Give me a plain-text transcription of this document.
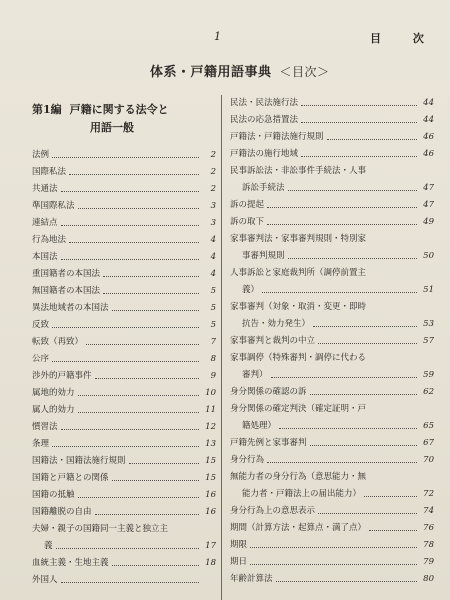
1	目 次
体系・戸籍用語事典 ＜目次＞
第1編 戸籍に関する法令と
用語一般
法例	2
国際私法	2
共通法	2
準国際私法	3
連結点	3
行為地法	4
本国法	4
重国籍者の本国法	4
無国籍者の本国法	5
異法地域者の本国法	5
反致	5
転致（再致）	7
公序	8
渉外的戸籍事件	9
属地的効力	10
属人的効力	11
慣習法	12
条理	13
国籍法・国籍法施行規則	15
国籍と戸籍との関係	15
国籍の抵触	16
国籍離脱の自由	16
夫婦・親子の国籍同一主義と独立主
義	17
血統主義・生地主義	18
外国人
民法・民法施行法	44
民法の応急措置法	44
戸籍法・戸籍法施行規則	46
戸籍法の施行地域	46
民事訴訟法・非訟事件手続法・人事
訴訟手続法	47
訴の提起	47
訴の取下	49
家事審判法・家事審判規則・特別家
事審判規則	50
人事訴訟と家庭裁判所（調停前置主
義）	51
家事審判（対象・取消・変更・即時
抗告・効力発生）	53
家事審判と裁判の中立	57
家事調停（特殊審判・調停に代わる
審判）	59
身分関係の確認の訴	62
身分関係の確定判決（確定証明・戸
籍処理）	65
戸籍先例と家事審判	67
身分行為	70
無能力者の身分行為（意思能力・無
能力者・戸籍法上の届出能力）	72
身分行為上の意思表示	74
期間（計算方法・起算点・満了点）	76
期限	78
期日	79
年齢計算法	80
